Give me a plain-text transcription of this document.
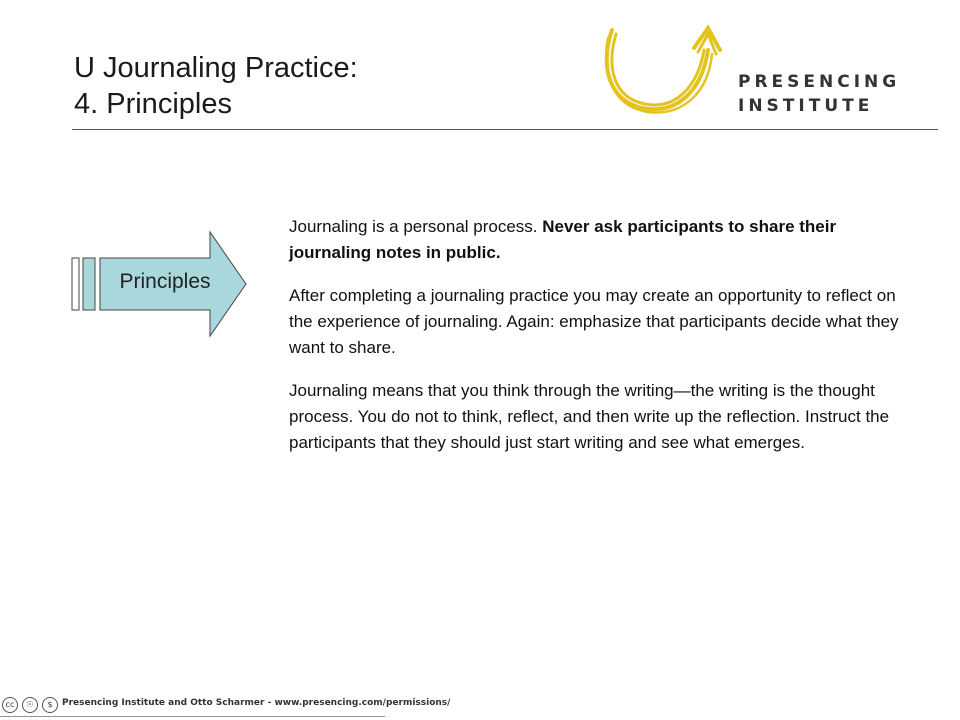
U Journaling Practice:
4. Principles
PRESENCING
INSTITUTE
Principles

Journaling is a personal process. Never ask participants to share their journaling notes in public.

After completing a journaling practice you may create an opportunity to reflect on the experience of journaling. Again: emphasize that participants decide what they want to share.

Journaling means that you think through the writing—the writing is the thought process. You do not to think, reflect, and then write up the reflection. Instruct the participants that they should just start writing and see what emerges.

cc ☉ $	Presencing Institute and Otto Scharmer - www.presencing.com/permissions/
